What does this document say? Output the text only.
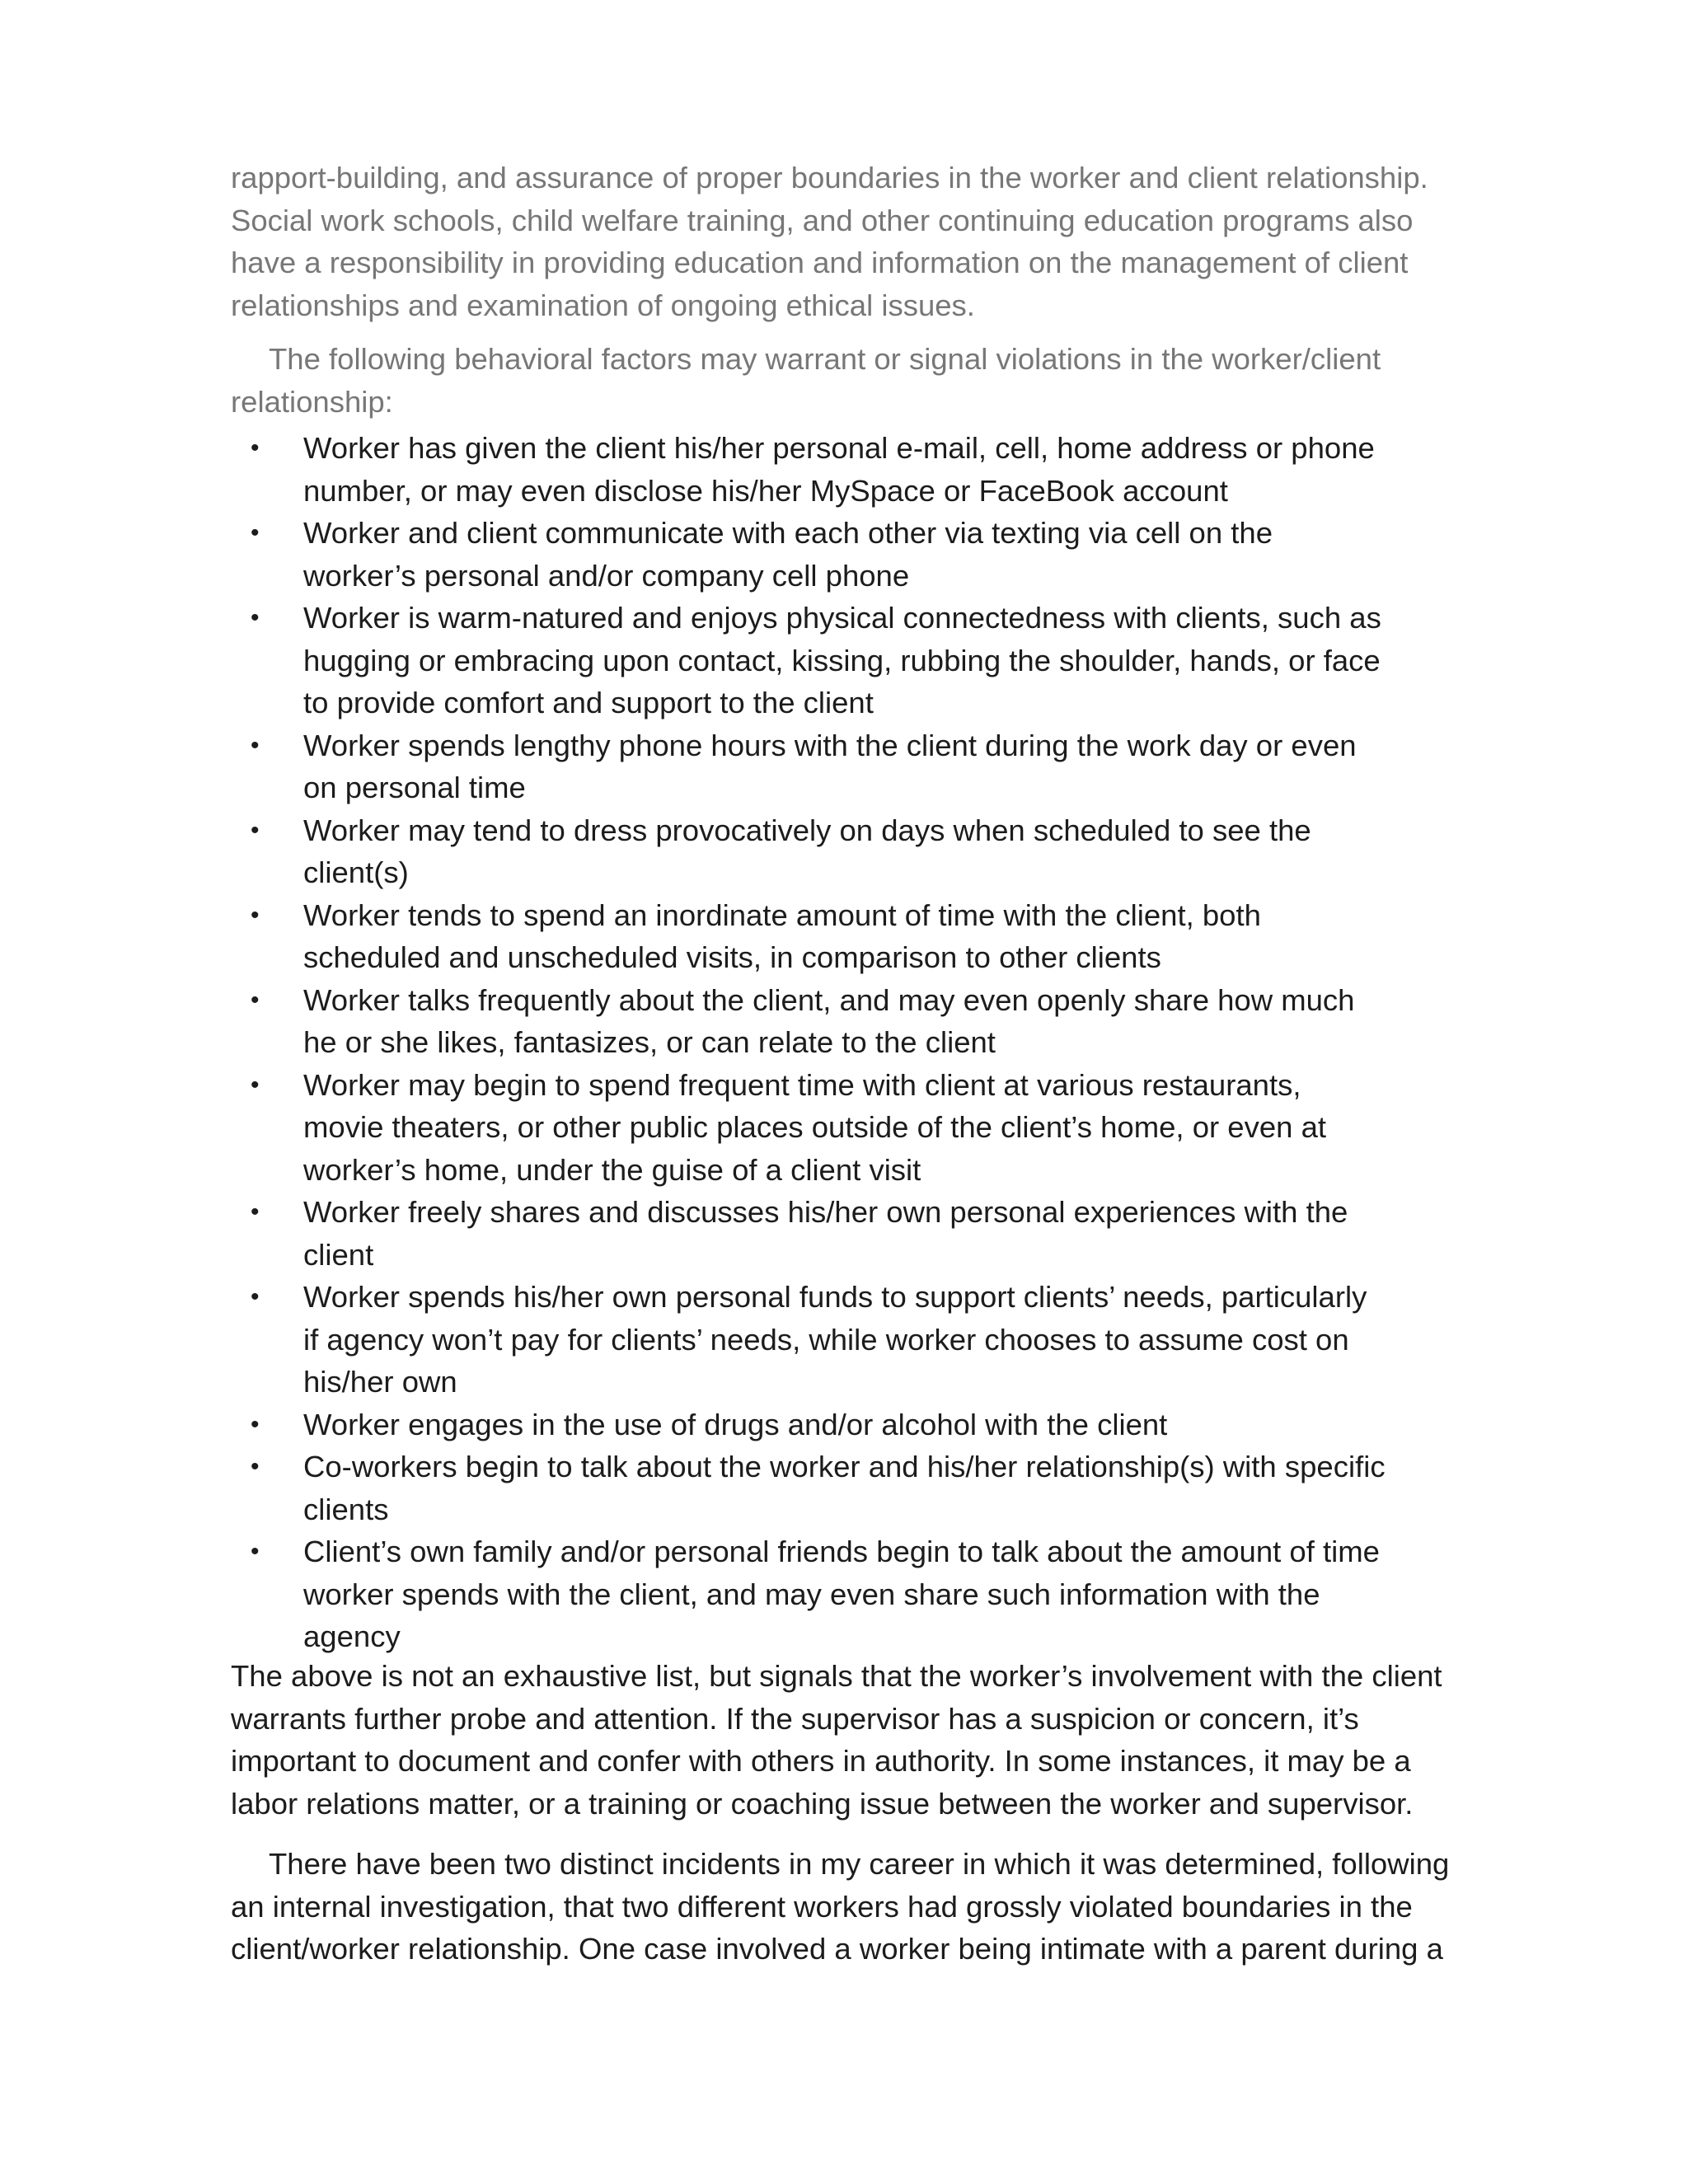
rapport-building, and assurance of proper boundaries in the worker and client relationship.
Social work schools, child welfare training, and other continuing education programs also
have a responsibility in providing education and information on the management of client
relationships and examination of ongoing ethical issues.
The following behavioral factors may warrant or signal violations in the worker/client
relationship:
• Worker has given the client his/her personal e-mail, cell, home address or phone
number, or may even disclose his/her MySpace or FaceBook account
• Worker and client communicate with each other via texting via cell on the
worker’s personal and/or company cell phone
• Worker is warm-natured and enjoys physical connectedness with clients, such as
hugging or embracing upon contact, kissing, rubbing the shoulder, hands, or face
to provide comfort and support to the client
• Worker spends lengthy phone hours with the client during the work day or even
on personal time
• Worker may tend to dress provocatively on days when scheduled to see the
client(s)
• Worker tends to spend an inordinate amount of time with the client, both
scheduled and unscheduled visits, in comparison to other clients
• Worker talks frequently about the client, and may even openly share how much
he or she likes, fantasizes, or can relate to the client
• Worker may begin to spend frequent time with client at various restaurants,
movie theaters, or other public places outside of the client’s home, or even at
worker’s home, under the guise of a client visit
• Worker freely shares and discusses his/her own personal experiences with the
client
• Worker spends his/her own personal funds to support clients’ needs, particularly
if agency won’t pay for clients’ needs, while worker chooses to assume cost on
his/her own
• Worker engages in the use of drugs and/or alcohol with the client
• Co-workers begin to talk about the worker and his/her relationship(s) with specific
clients
• Client’s own family and/or personal friends begin to talk about the amount of time
worker spends with the client, and may even share such information with the
agency
The above is not an exhaustive list, but signals that the worker’s involvement with the client
warrants further probe and attention. If the supervisor has a suspicion or concern, it’s
important to document and confer with others in authority. In some instances, it may be a
labor relations matter, or a training or coaching issue between the worker and supervisor.
There have been two distinct incidents in my career in which it was determined, following
an internal investigation, that two different workers had grossly violated boundaries in the
client/worker relationship. One case involved a worker being intimate with a parent during a
